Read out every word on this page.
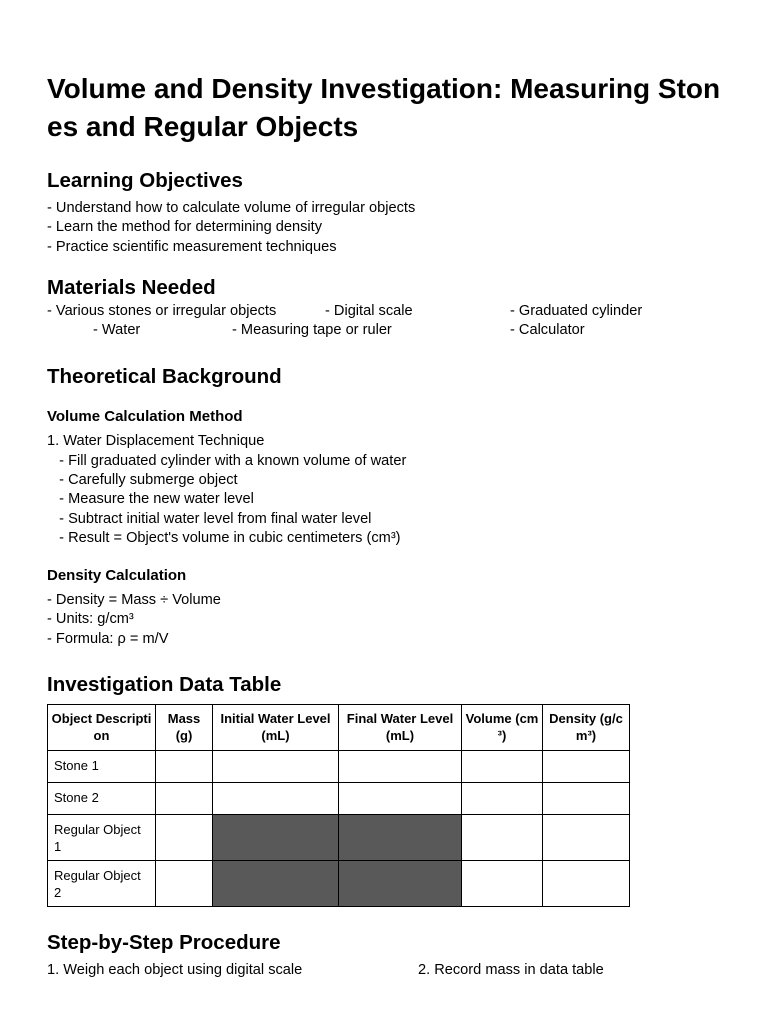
Volume and Density Investigation: Measuring Stones and Regular Objects
Learning Objectives
- Understand how to calculate volume of irregular objects
- Learn the method for determining density
- Practice scientific measurement techniques
Materials Needed
- Various stones or irregular objects	- Digital scale	- Graduated cylinder
- Water	- Measuring tape or ruler	- Calculator
Theoretical Background
Volume Calculation Method
1. Water Displacement Technique
- Fill graduated cylinder with a known volume of water
- Carefully submerge object
- Measure the new water level
- Subtract initial water level from final water level
- Result = Object's volume in cubic centimeters (cm³)
Density Calculation
- Density = Mass ÷ Volume
- Units: g/cm³
- Formula: ρ = m/V
Investigation Data Table
Object Description	Mass (g)	Initial Water Level (mL)	Final Water Level (mL)	Volume (cm³)	Density (g/cm³)
Stone 1					
Stone 2					
Regular Object 1					
Regular Object 2					
Step-by-Step Procedure
1. Weigh each object using digital scale	2. Record mass in data table
